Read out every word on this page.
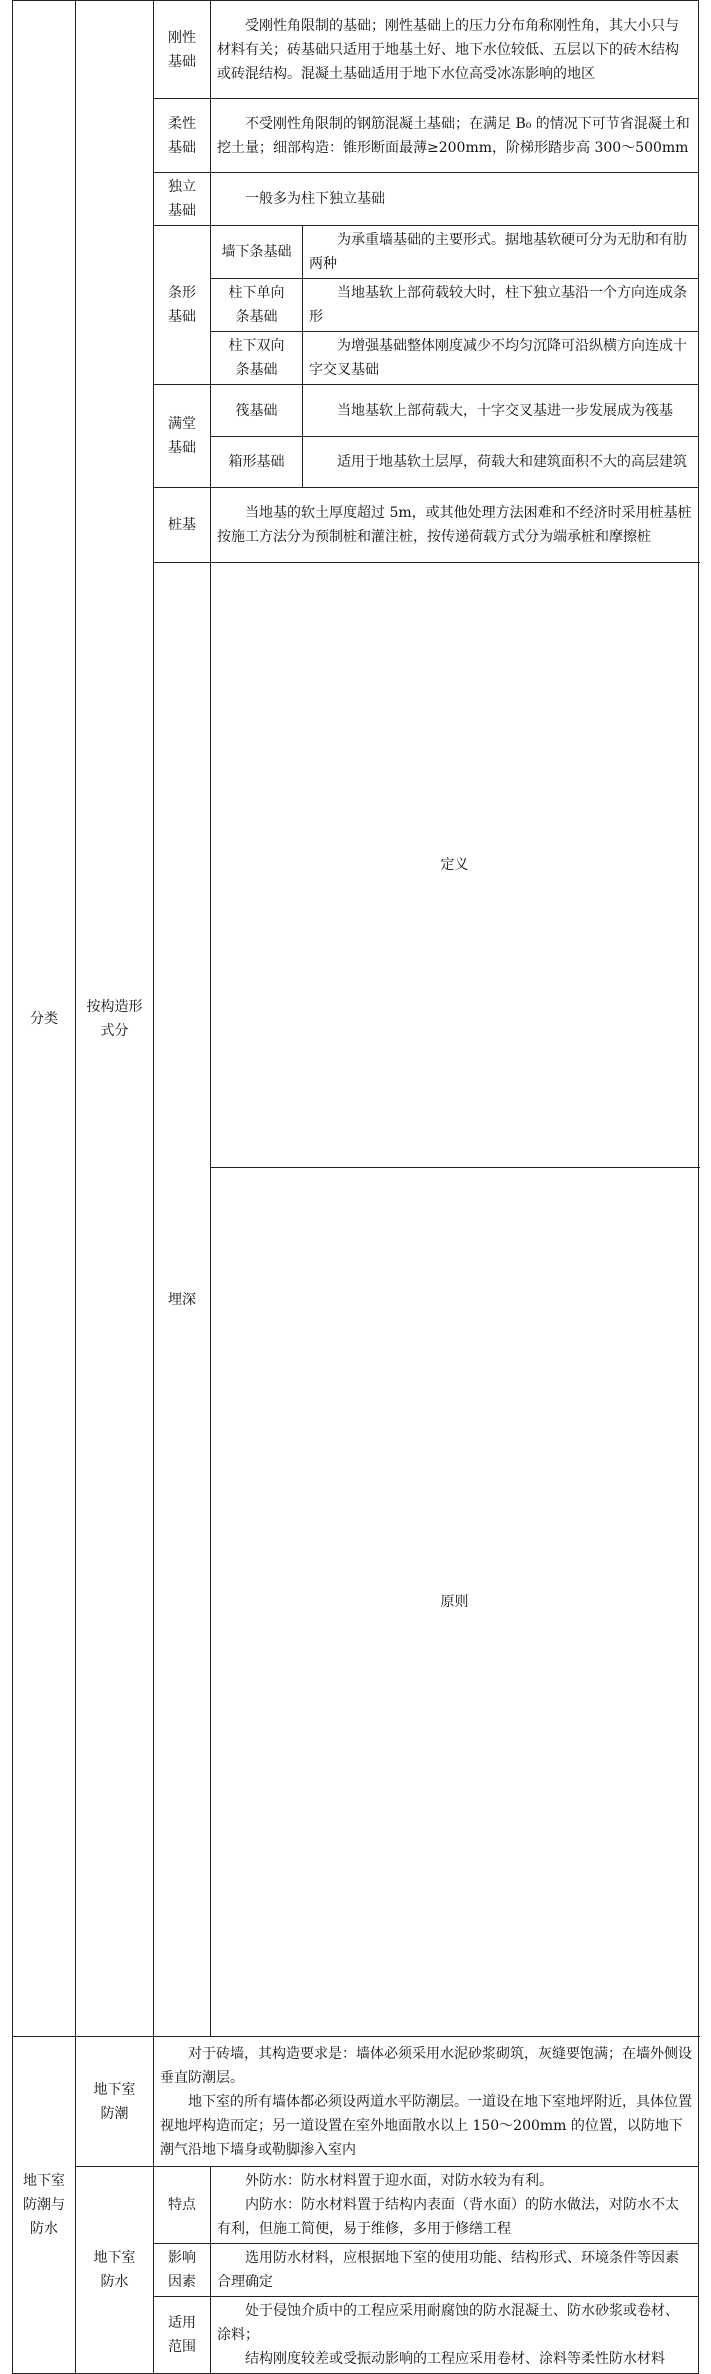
分类	按构造形式分	刚性基础	受刚性角限制的基础；刚性基础上的压力分布角称刚性角，其大小只与材料有关；砖基础只适用于地基土好、地下水位较低、五层以下的砖木结构或砖混结构。混凝土基础适用于地下水位高受冰冻影响的地区		

		柔性基础	不受刚性角限制的钢筋混凝土基础；在满足 B₀ 的情况下可节省混凝土和挖土量；细部构造：锥形断面最薄≥200mm，阶梯形踏步高 300～500mm		

		独立基础	一般多为柱下独立基础		

		条形基础	墙下条基础	为承重墙基础的主要形式。据地基软硬可分为无肋和有肋两种	

			柱下单向条基础	当地基软上部荷载较大时，柱下独立基沿一个方向连成条形	

			柱下双向条基础	为增强基础整体刚度减少不均匀沉降可沿纵横方向连成十字交叉基础	

		满堂基础	筏基础	当地基软上部荷载大，十字交叉基进一步发展成为筏基	

			箱形基础	适用于地基软土层厚，荷载大和建筑面积不大的高层建筑	

		桩基	当地基的软土厚度超过 5m，或其他处理方法困难和不经济时采用桩基桩按施工方法分为预制桩和灌注桩，按传递荷载方式分为端承桩和摩擦桩		

		埋深	定义	

			原则	

地下室防潮与防水	地下室防潮	对于砖墙，其构造要求是：墙体必须采用水泥砂浆砌筑，灰缝要饱满；在墙外侧设垂直防潮层。
地下室的所有墙体都必须设两道水平防潮层。一道设在地下室地坪附近，具体位置视地坪构造而定；另一道设置在室外地面散水以上 150～200mm 的位置，以防地下潮气沿地下墙身或勒脚渗入室内			

	地下室防水	特点	外防水：防水材料置于迎水面，对防水较为有利。
内防水：防水材料置于结构内表面（背水面）的防水做法，对防水不太有利，但施工简便，易于维修，多用于修缮工程		

		影响因素	选用防水材料，应根据地下室的使用功能、结构形式、环境条件等因素合理确定		

		适用范围	处于侵蚀介质中的工程应采用耐腐蚀的防水混凝土、防水砂浆或卷材、涂料；
结构刚度较差或受振动影响的工程应采用卷材、涂料等柔性防水材料		
